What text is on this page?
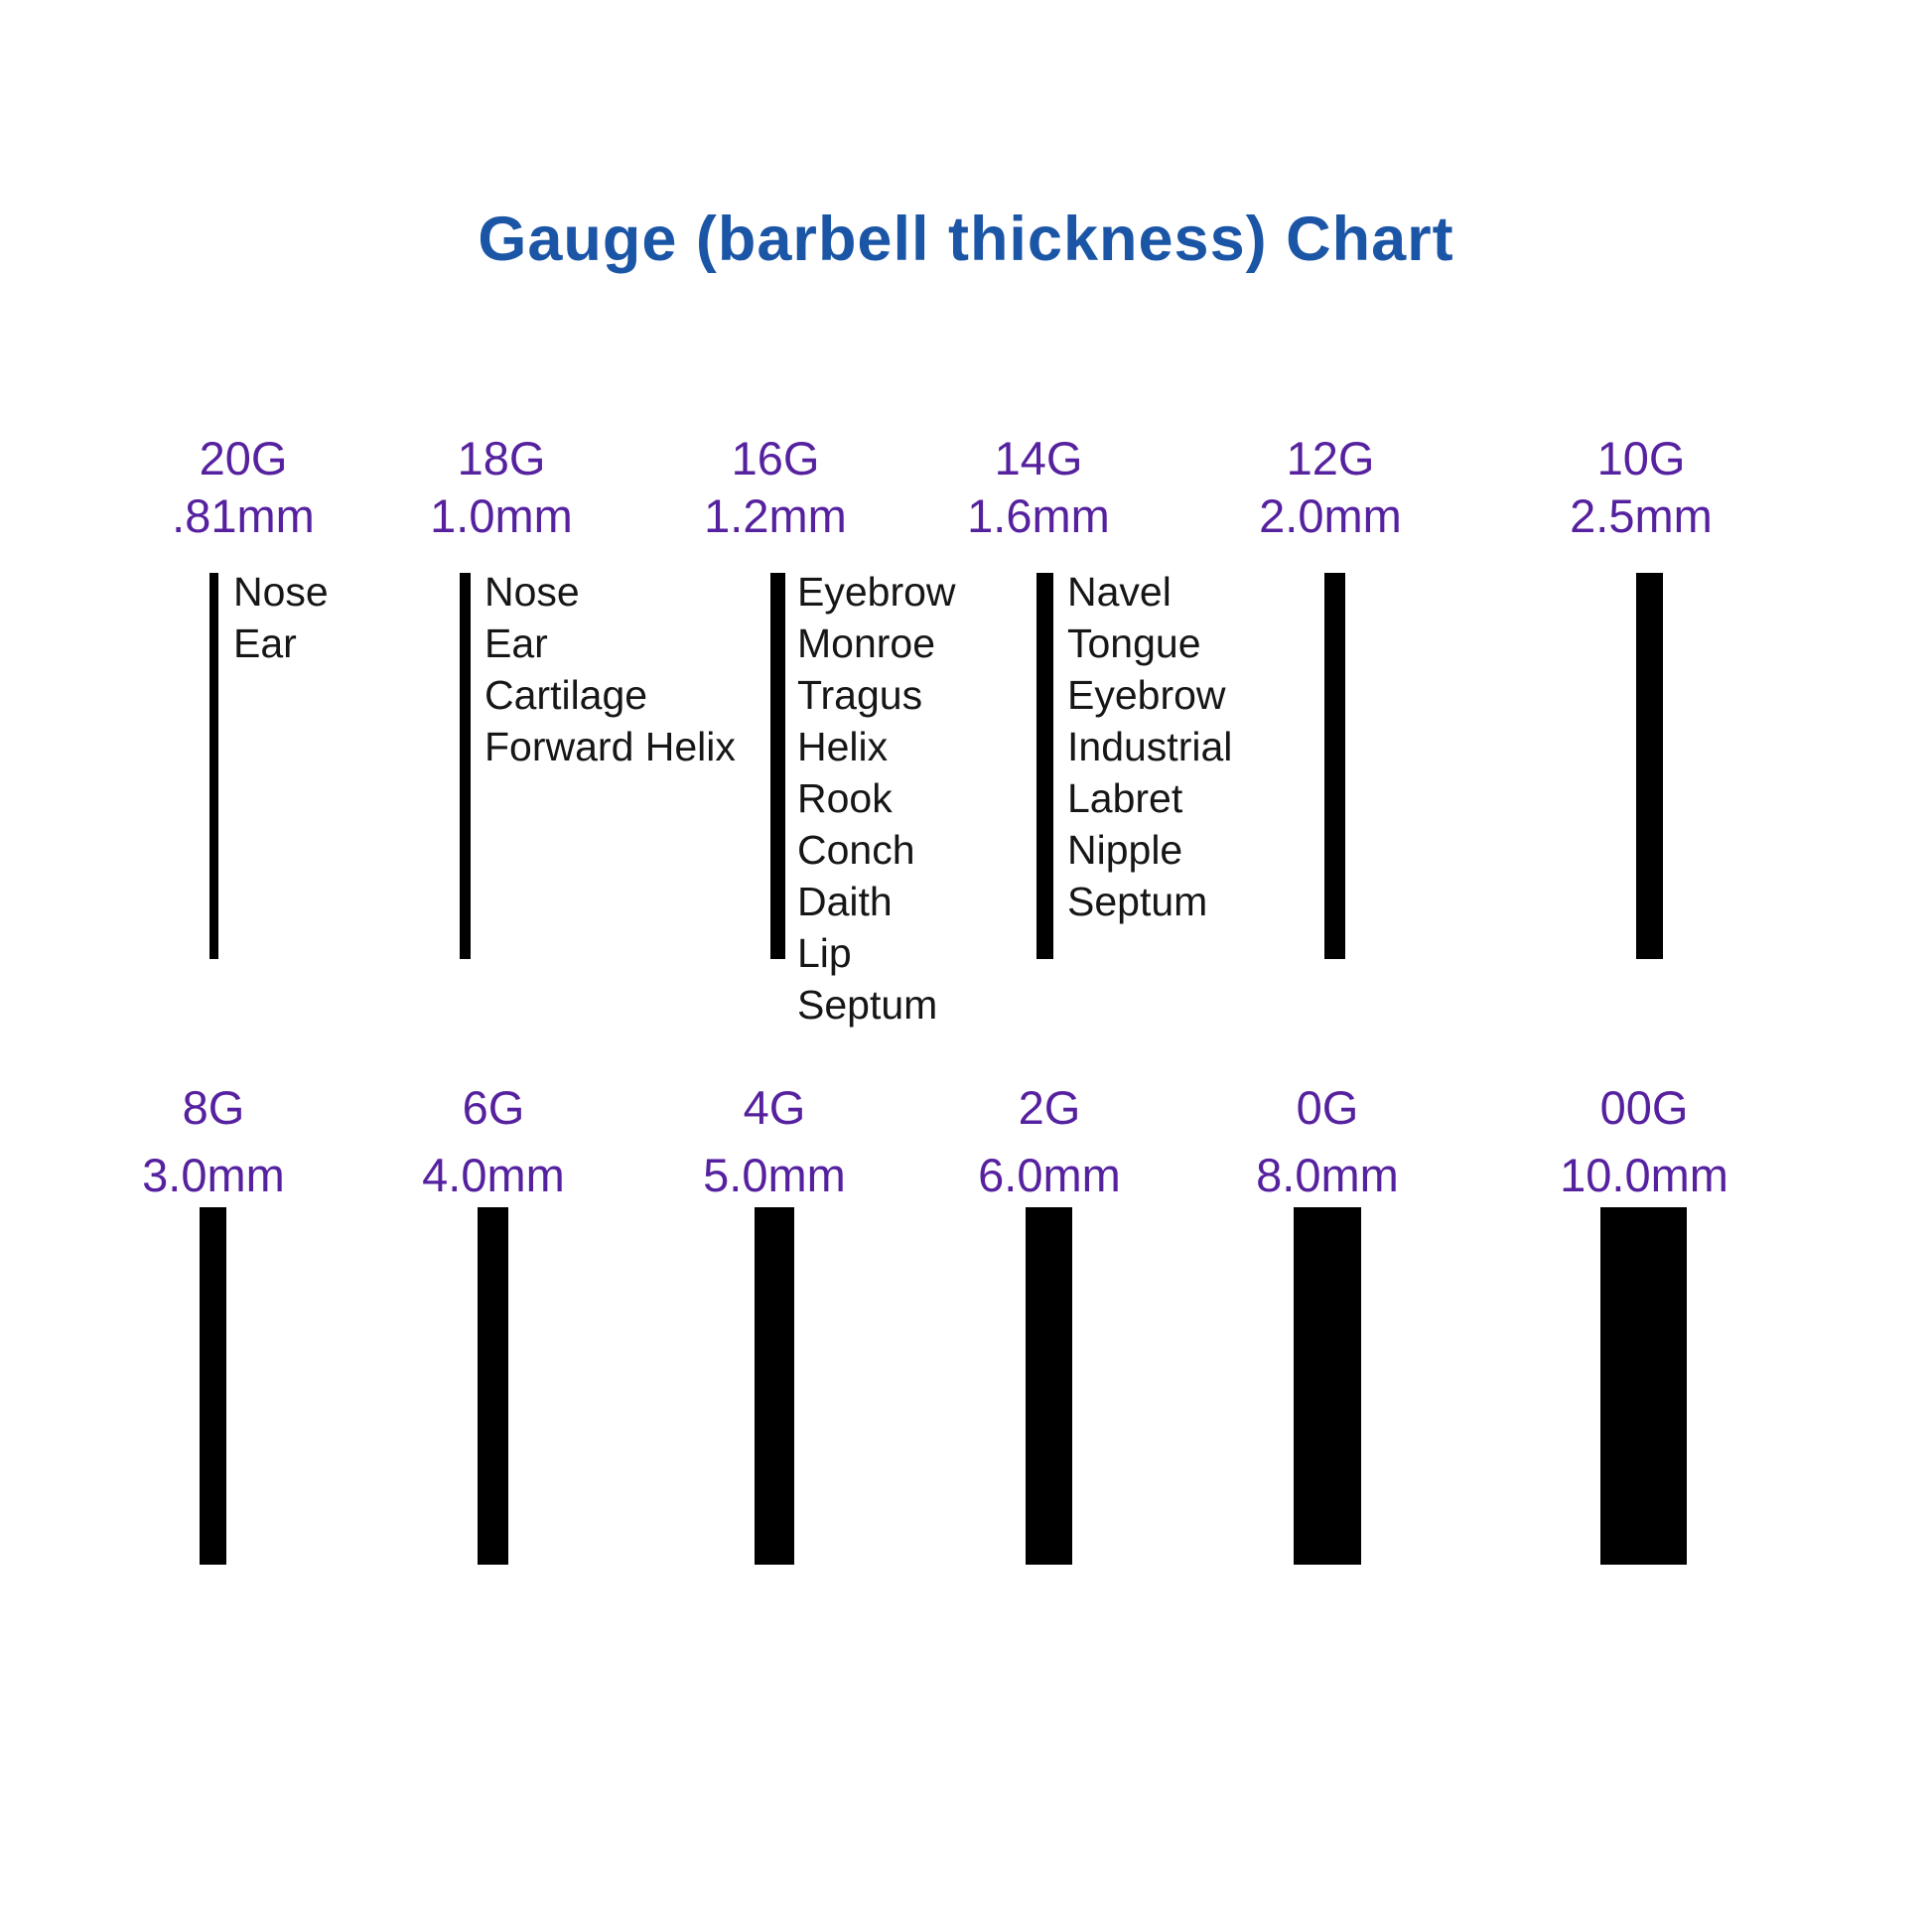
Gauge (barbell thickness) Chart
20G
.81mm
Nose
Ear
18G
1.0mm
Nose
Ear
Cartilage
Forward Helix
16G
1.2mm
Eyebrow
Monroe
Tragus
Helix
Rook
Conch
Daith
Lip
Septum
14G
1.6mm
Navel
Tongue
Eyebrow
Industrial
Labret
Nipple
Septum
12G
2.0mm
10G
2.5mm
8G
3.0mm
6G
4.0mm
4G
5.0mm
2G
6.0mm
0G
8.0mm
00G
10.0mm
